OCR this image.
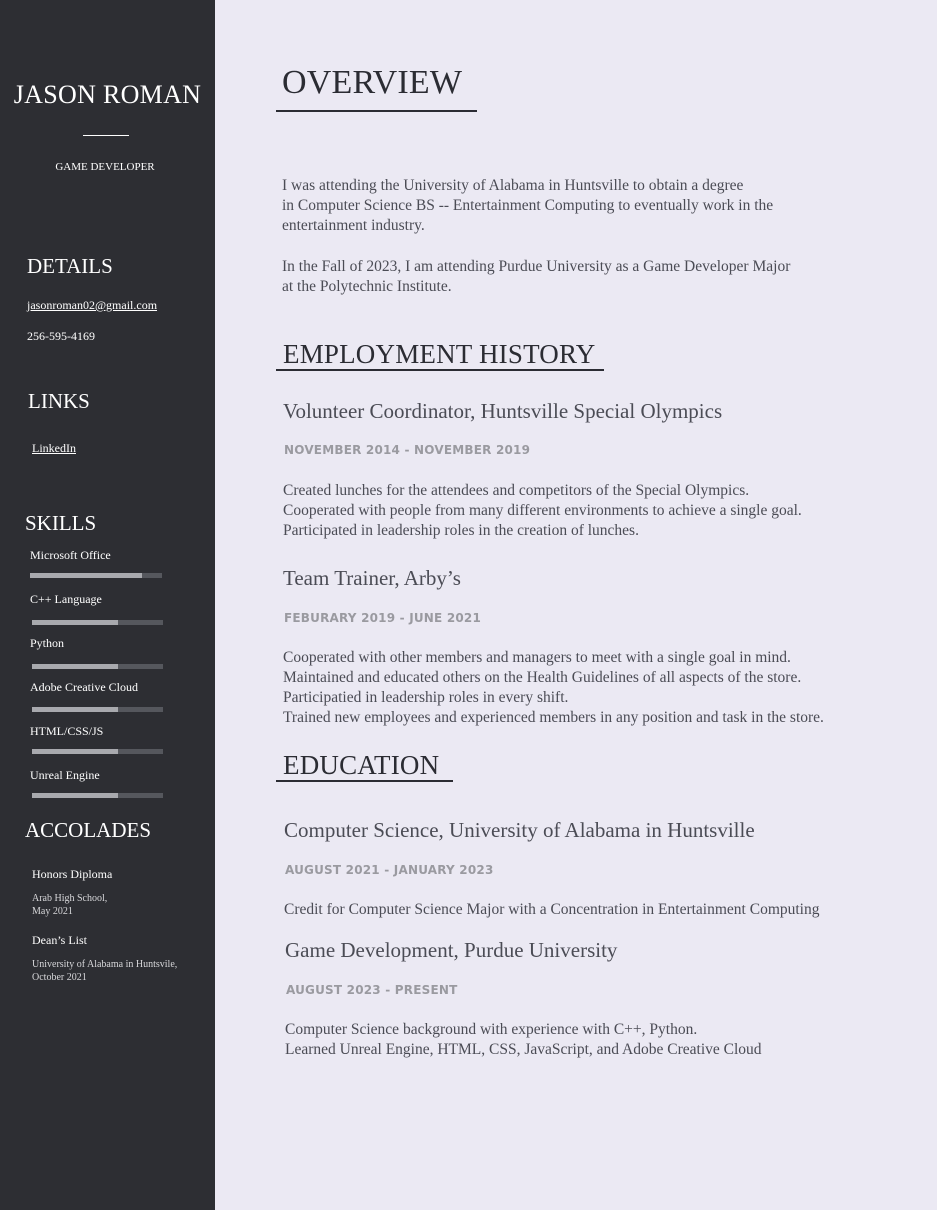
JASON ROMAN
GAME DEVELOPER
DETAILS
jasonroman02@gmail.com
256-595-4169
LINKS
LinkedIn
SKILLS
Microsoft Office
C++ Language
Python
Adobe Creative Cloud
HTML/CSS/JS
Unreal Engine
ACCOLADES
Honors Diploma
Arab High School,
May 2021
Dean’s List
University of Alabama in Huntsvile,
October 2021
OVERVIEW
I was attending the University of Alabama in Huntsville to obtain a degree
in Computer Science BS -- Entertainment Computing to eventually work in the
entertainment industry.
In the Fall of 2023, I am attending Purdue University as a Game Developer Major
at the Polytechnic Institute.
EMPLOYMENT HISTORY
Volunteer Coordinator, Huntsville Special Olympics
NOVEMBER 2014 - NOVEMBER 2019
Created lunches for the attendees and competitors of the Special Olympics.
Cooperated with people from many different environments to achieve a single goal.
Participated in leadership roles in the creation of lunches.
Team Trainer, Arby’s
FEBURARY 2019 - JUNE 2021
Cooperated with other members and managers to meet with a single goal in mind.
Maintained and educated others on the Health Guidelines of all aspects of the store.
Participatied in leadership roles in every shift.
Trained new employees and experienced members in any position and task in the store.
EDUCATION
Computer Science, University of Alabama in Huntsville
AUGUST 2021 - JANUARY 2023
Credit for Computer Science Major with a Concentration in Entertainment Computing
Game Development, Purdue University
AUGUST 2023 - PRESENT
Computer Science background with experience with C++, Python.
Learned Unreal Engine, HTML, CSS, JavaScript, and Adobe Creative Cloud
